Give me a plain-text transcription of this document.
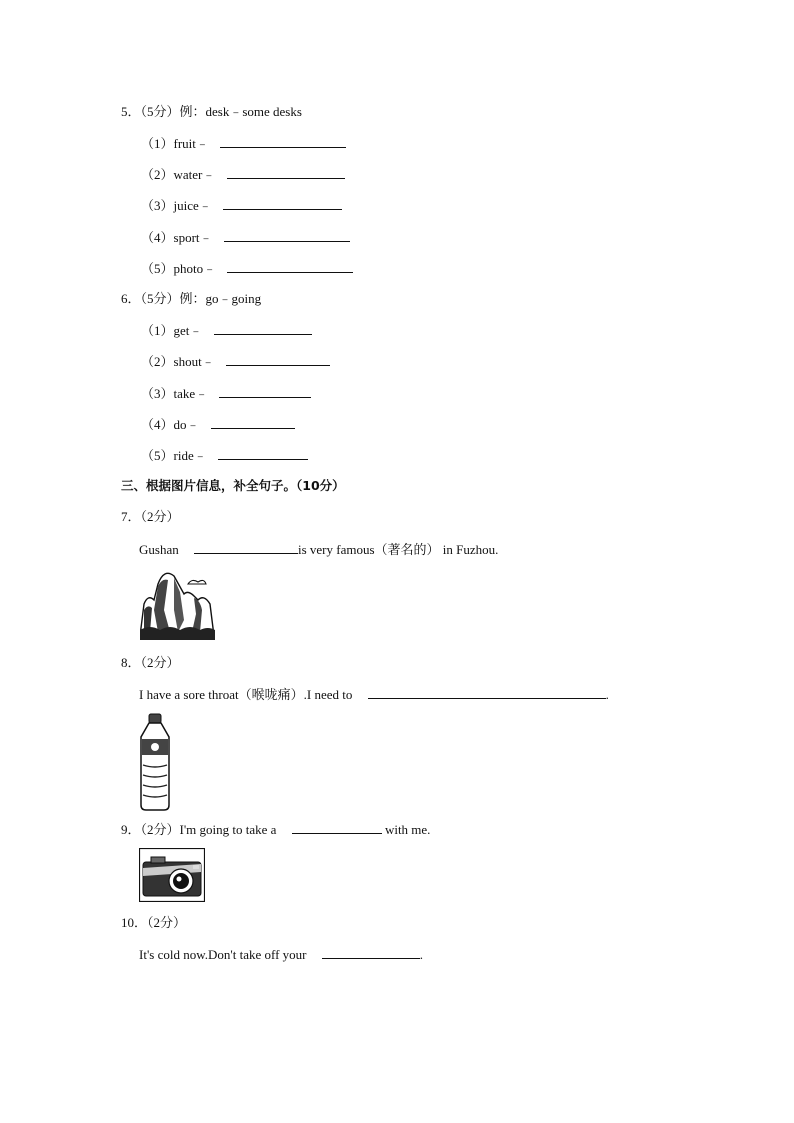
5．（5分）例：desk﹣some desks
（1）fruit﹣
（2）water﹣
（3）juice﹣
（4）sport﹣
（5）photo﹣
6．（5分）例：go﹣going
（1）get﹣
（2）shout﹣
（3）take﹣
（4）do﹣
（5）ride﹣
三、根据图片信息，补全句子。（10分）
7．（2分）
Gushan	is very famous（著名的） in Fuzhou.
8．（2分）
I have a sore throat（喉咙痛）.I need to	.
9．（2分）I'm going to take a	with me.
10．（2分）
It's cold now.Don't take off your	.
